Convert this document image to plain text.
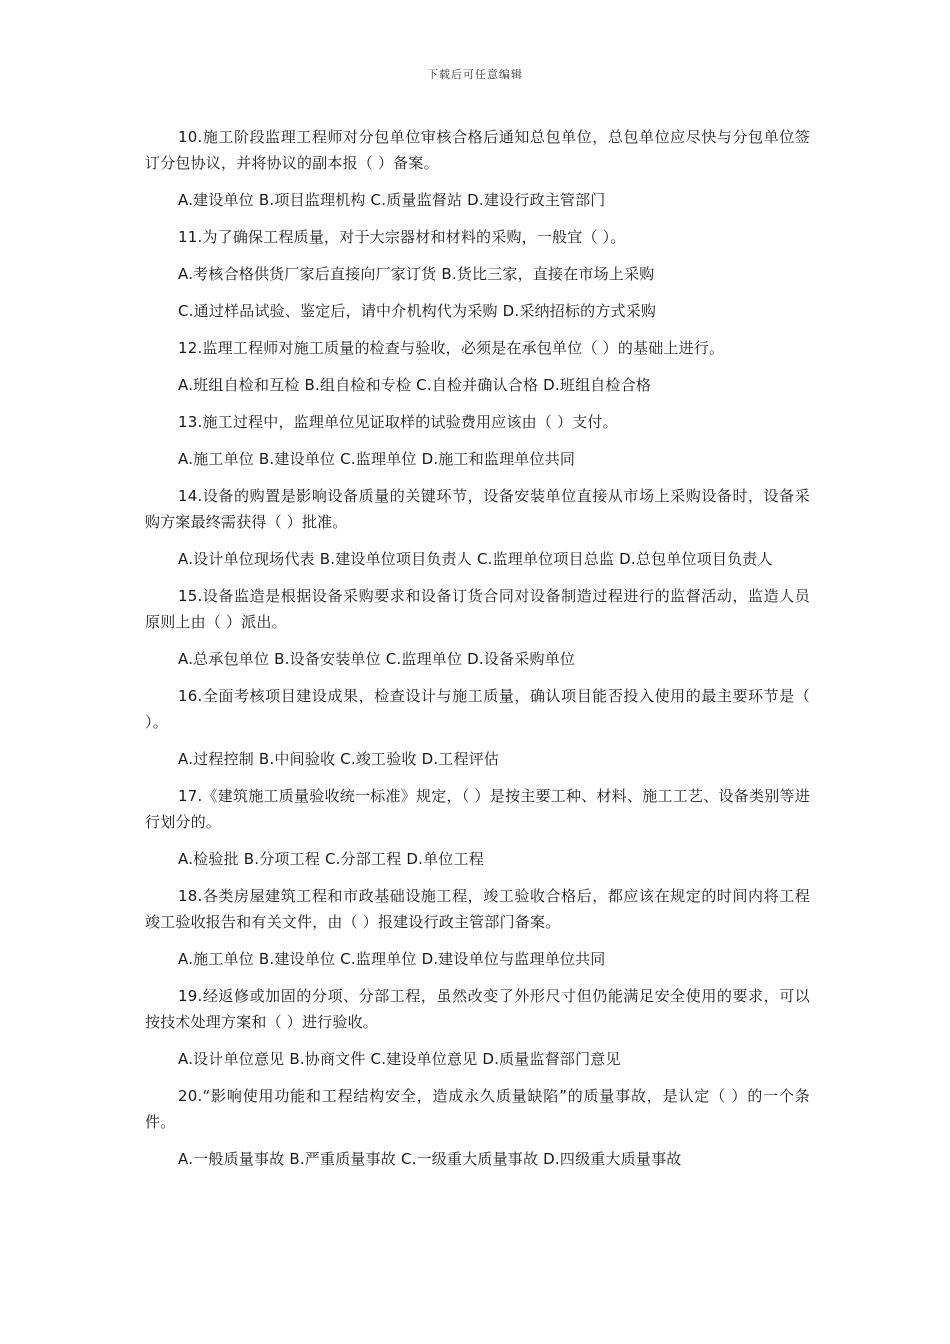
下载后可任意编辑

10.施工阶段监理工程师对分包单位审核合格后通知总包单位，总包单位应尽快与分包单位签订分包协议，并将协议的副本报（ ）备案。

A.建设单位 B.项目监理机构 C.质量监督站 D.建设行政主管部门

11.为了确保工程质量，对于大宗器材和材料的采购，一般宜（ ）。

A.考核合格供货厂家后直接向厂家订货 B.货比三家，直接在市场上采购

C.通过样品试验、鉴定后，请中介机构代为采购 D.采纳招标的方式采购

12.监理工程师对施工质量的检查与验收，必须是在承包单位（ ）的基础上进行。

A.班组自检和互检 B.组自检和专检 C.自检并确认合格 D.班组自检合格

13.施工过程中，监理单位见证取样的试验费用应该由（ ）支付。

A.施工单位 B.建设单位 C.监理单位 D.施工和监理单位共同

14.设备的购置是影响设备质量的关键环节，设备安装单位直接从市场上采购设备时，设备采购方案最终需获得（ ）批准。

A.设计单位现场代表 B.建设单位项目负责人 C.监理单位项目总监 D.总包单位项目负责人

15.设备监造是根据设备采购要求和设备订货合同对设备制造过程进行的监督活动，监造人员原则上由（ ）派出。

A.总承包单位 B.设备安装单位 C.监理单位 D.设备采购单位

16.全面考核项目建设成果，检查设计与施工质量，确认项目能否投入使用的最主要环节是（ ）。

A.过程控制 B.中间验收 C.竣工验收 D.工程评估

17.《建筑施工质量验收统一标准》规定，（ ）是按主要工种、材料、施工工艺、设备类别等进行划分的。

A.检验批 B.分项工程 C.分部工程 D.单位工程

18.各类房屋建筑工程和市政基础设施工程，竣工验收合格后，都应该在规定的时间内将工程竣工验收报告和有关文件，由（ ）报建设行政主管部门备案。

A.施工单位 B.建设单位 C.监理单位 D.建设单位与监理单位共同

19.经返修或加固的分项、分部工程，虽然改变了外形尺寸但仍能满足安全使用的要求，可以按技术处理方案和（ ）进行验收。

A.设计单位意见 B.协商文件 C.建设单位意见 D.质量监督部门意见

20.“影响使用功能和工程结构安全，造成永久质量缺陷”的质量事故，是认定（ ）的一个条件。

A.一般质量事故 B.严重质量事故 C.一级重大质量事故 D.四级重大质量事故
